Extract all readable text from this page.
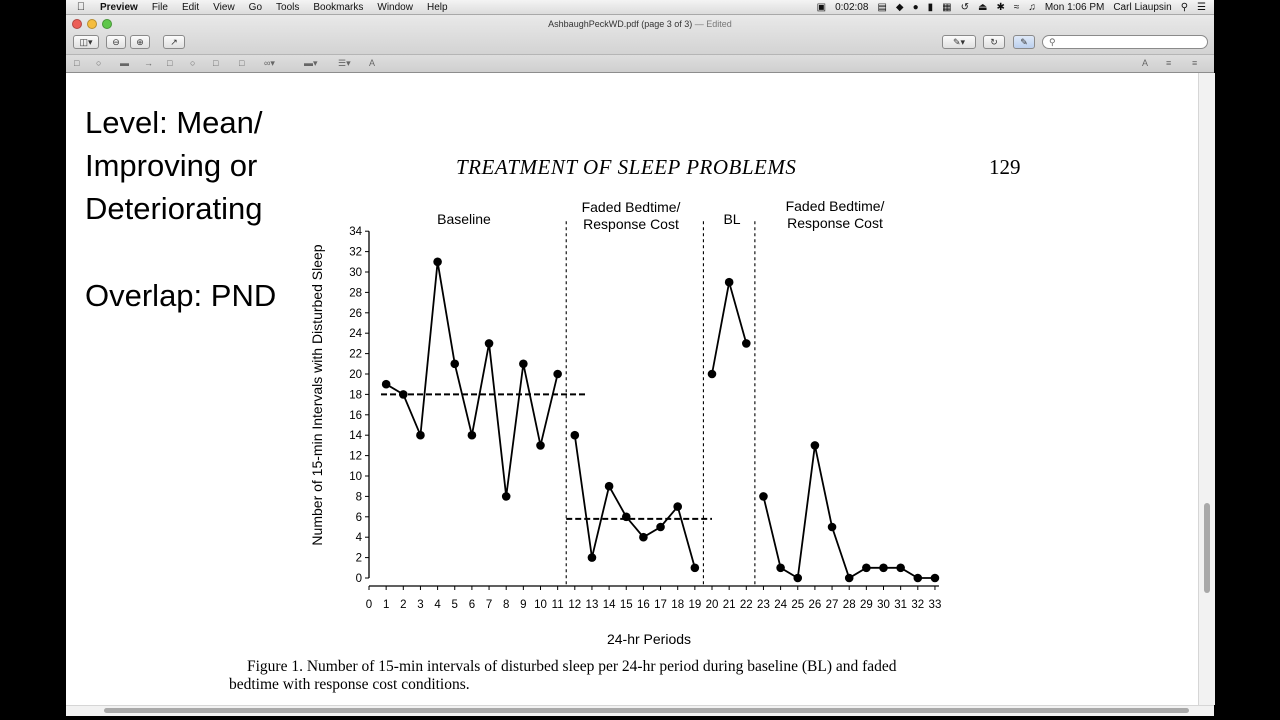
Preview File Edit View Go Tools Bookmarks Window Help	▣ 0:02:08 ▤ ◆ ● ▮ ▦ ↺ ⏏ ✱ ≈ ♫ Mon 1:06 PM Carl Liaupsin ⚲ ☰
AshbaughPeckWD.pdf (page 3 of 3) — Edited
◫▾	⊖	⊕	↗	✎▾	↻	✎	⚲
□ ○ ▬ → □ ○ □ □ ∞▾	▬▾ ☰▾ A	A ≡ ≡
Level: Mean/
Improving or
Deteriorating
Overlap: PND
TREATMENT OF SLEEP PROBLEMS	129
Number of 15-min Intervals with Disturbed Sleep
24-hr Periods
Baseline
Faded Bedtime/
Response Cost	BL
Faded Bedtime/
Response Cost
0
2
4
6
8
10
12
14
16
18
20
22
24
26
28
30
32
34
0 1 2 3 4 5 6 7 8 9 10 11 12 13 14 15 16 17 18 19 20 21 22 23 24 25 26 27 28 29 30 31 32 33
Figure 1. Number of 15-min intervals of disturbed sleep per 24-hr period during baseline (BL) and faded
bedtime with response cost conditions.
